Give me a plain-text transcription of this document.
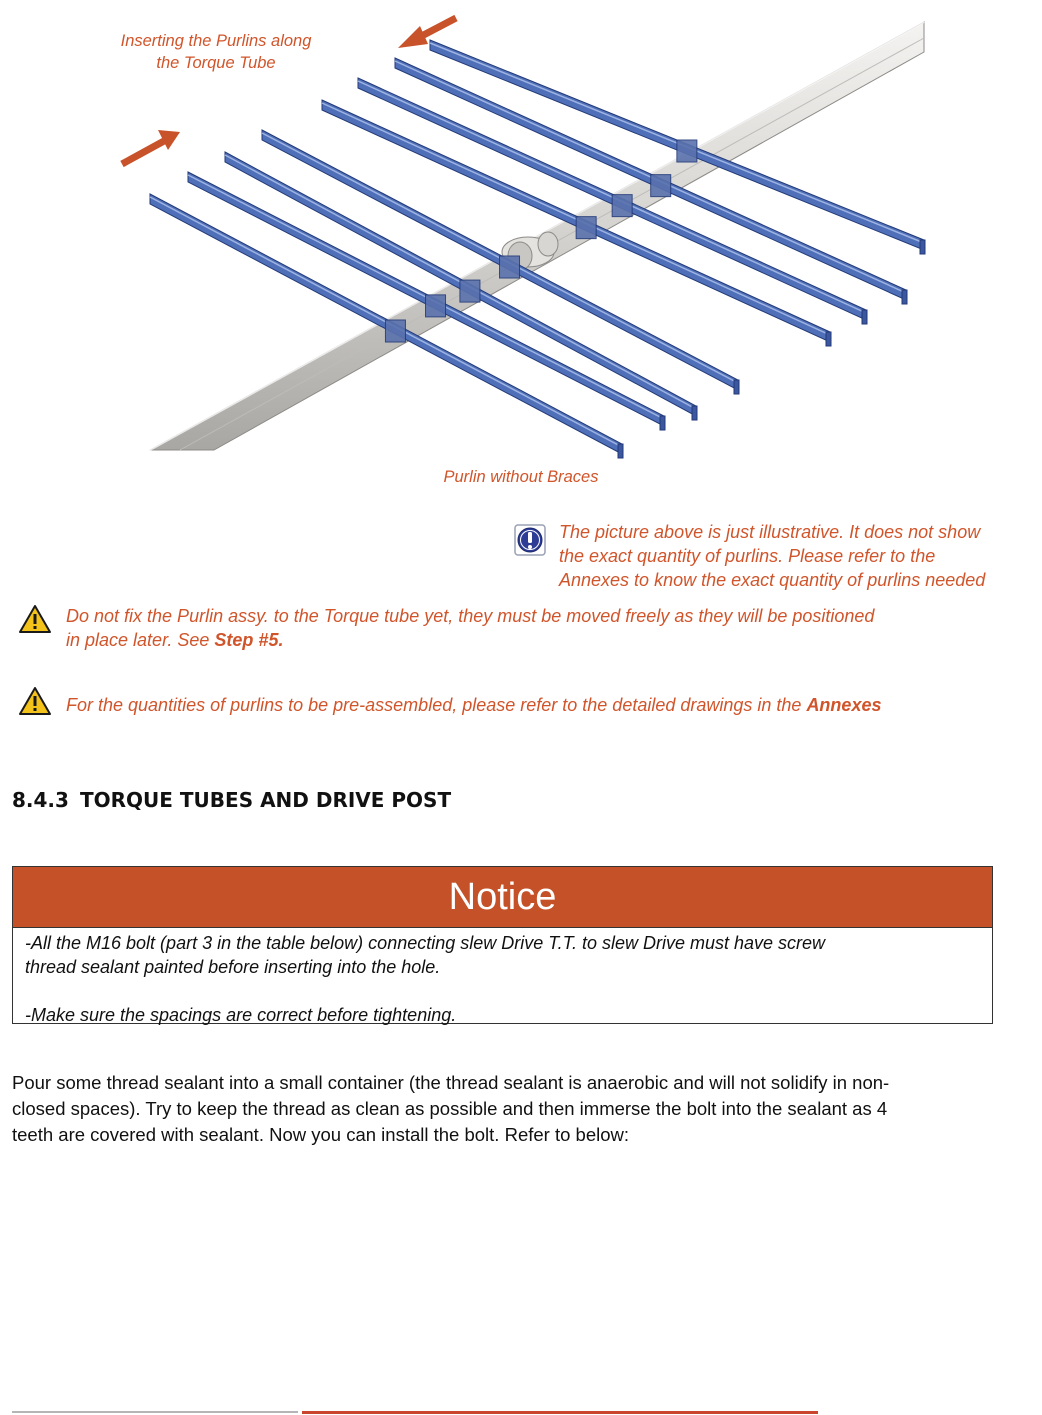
Inserting the Purlins along
the Torque Tube
Purlin without Braces
The picture above is just illustrative. It does not show
the exact quantity of purlins. Please refer to the
Annexes to know the exact quantity of purlins needed
Do not fix the Purlin assy. to the Torque tube yet, they must be moved freely as they will be positioned
in place later. See Step #5.
For the quantities of purlins to be pre-assembled, please refer to the detailed drawings in the Annexes
8.4.3 TORQUE TUBES AND DRIVE POST
Notice

-All the M16 bolt (part 3 in the table below) connecting slew Drive T.T. to slew Drive must have screw

thread sealant painted before inserting into the hole.

-Make sure the spacings are correct before tightening.

Pour some thread sealant into a small container (the thread sealant is anaerobic and will not solidify in non-
closed spaces). Try to keep the thread as clean as possible and then immerse the bolt into the sealant as 4
teeth are covered with sealant. Now you can install the bolt. Refer to below:
